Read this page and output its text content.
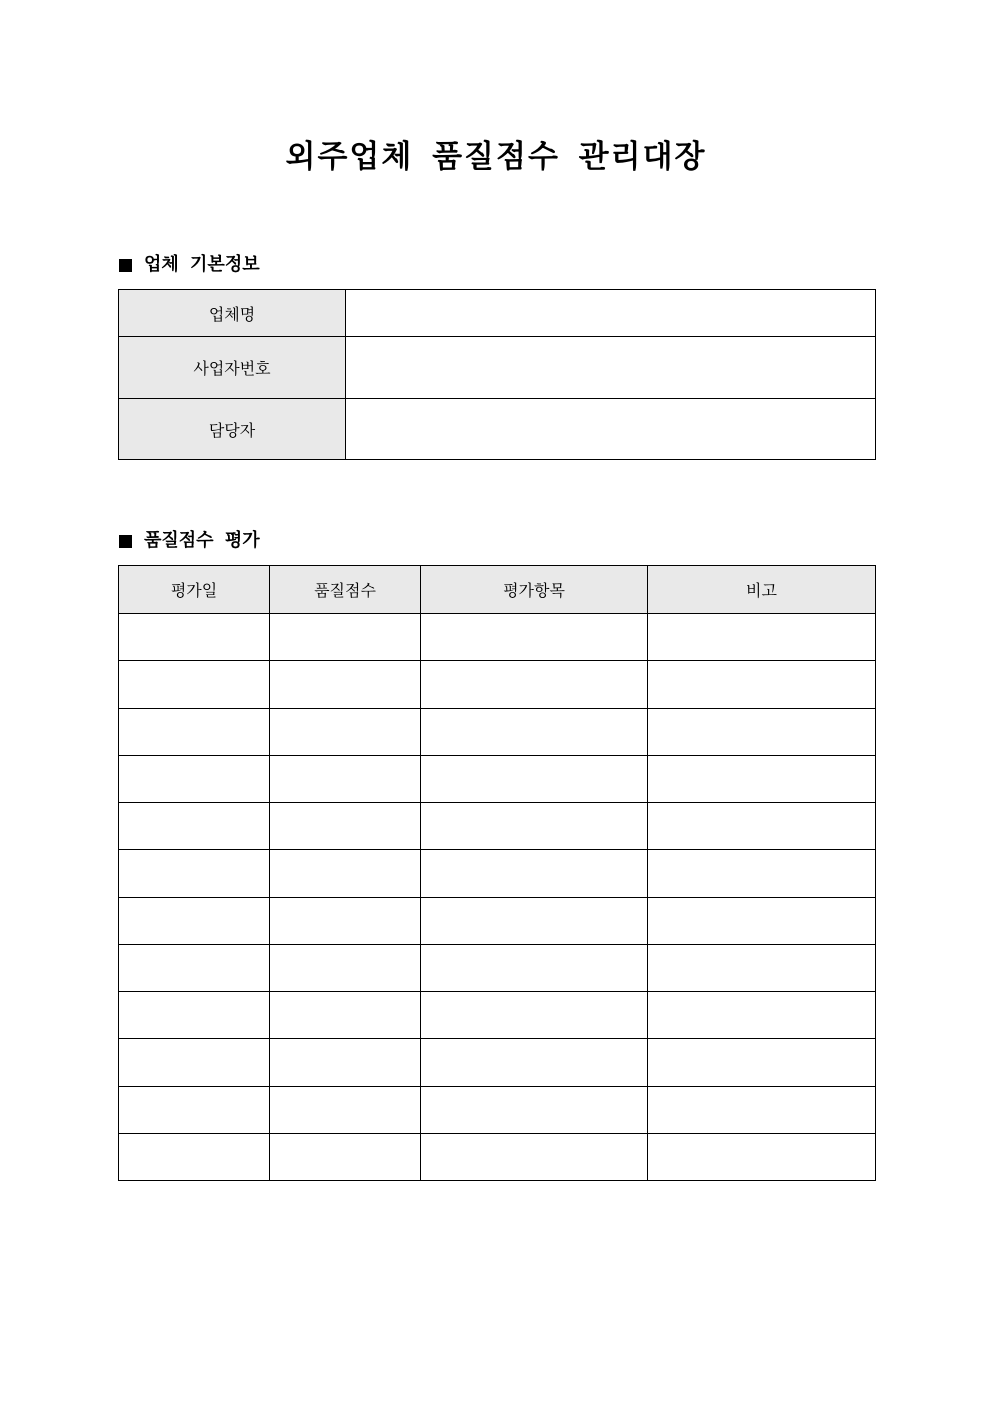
외주업체 품질점수 관리대장
업체 기본정보
업체명	
사업자번호	
담당자	
품질점수 평가
평가일	품질점수	평가항목	비고
